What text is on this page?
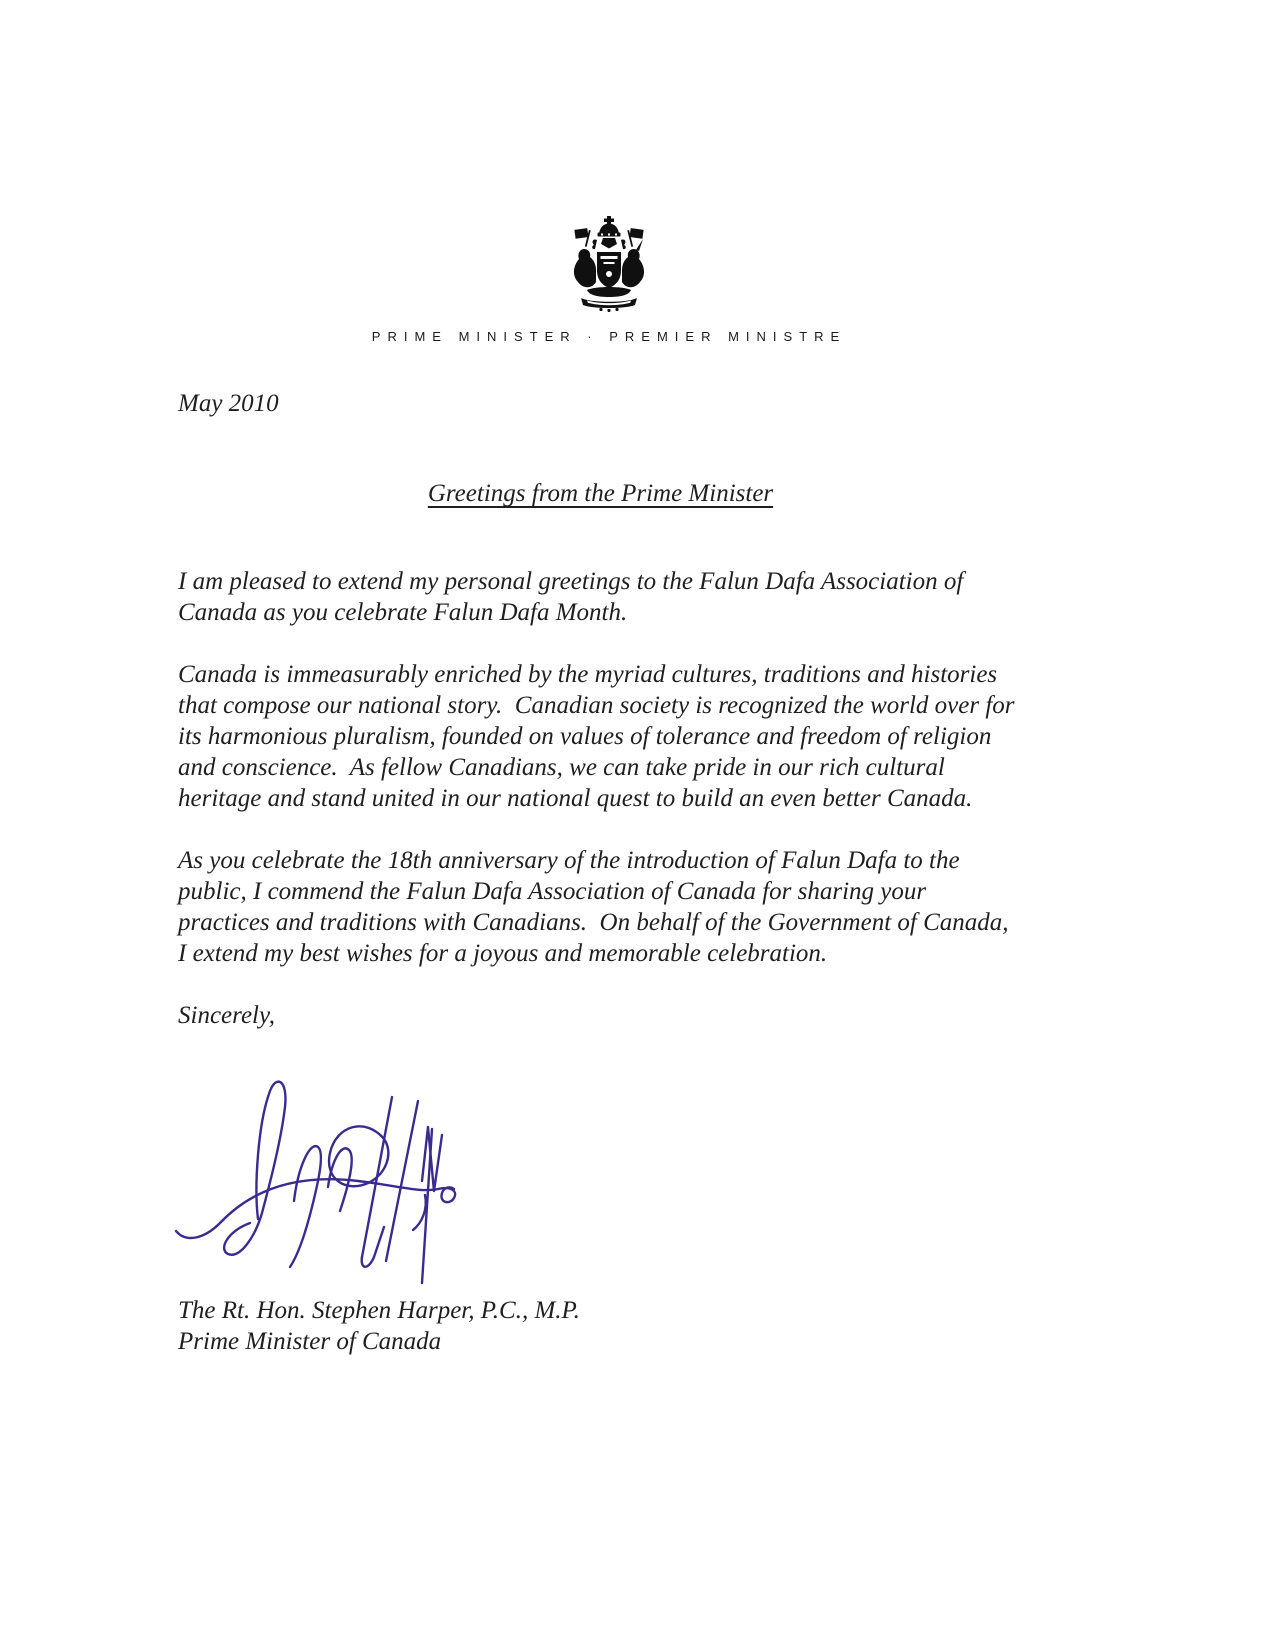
PRIME MINISTER · PREMIER MINISTRE

May 2010

Greetings from the Prime Minister

I am pleased to extend my personal greetings to the Falun Dafa Association of Canada as you celebrate Falun Dafa Month.

Canada is immeasurably enriched by the myriad cultures, traditions and histories that compose our national story.  Canadian society is recognized the world over for its harmonious pluralism, founded on values of tolerance and freedom of religion and conscience.  As fellow Canadians, we can take pride in our rich cultural heritage and stand united in our national quest to build an even better Canada.

As you celebrate the 18th anniversary of the introduction of Falun Dafa to the public, I commend the Falun Dafa Association of Canada for sharing your practices and traditions with Canadians.  On behalf of the Government of Canada, I extend my best wishes for a joyous and memorable celebration.

Sincerely,

The Rt. Hon. Stephen Harper, P.C., M.P.

Prime Minister of Canada
